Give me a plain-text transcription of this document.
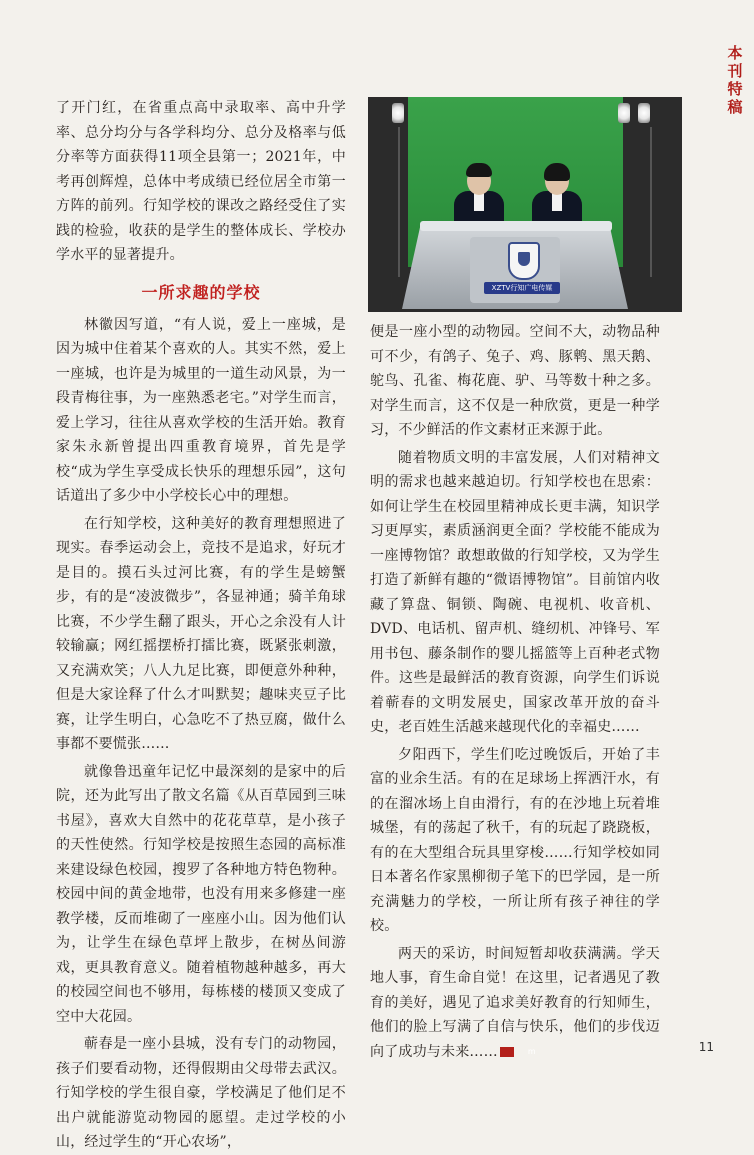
本刊特稿

了开门红，在省重点高中录取率、高中升学率、总分均分与各学科均分、总分及格率与低分率等方面获得11项全县第一；2021年，中考再创辉煌，总体中考成绩已经位居全市第一方阵的前列。行知学校的课改之路经受住了实践的检验，收获的是学生的整体成长、学校办学水平的显著提升。

一所求趣的学校

林徽因写道，“有人说，爱上一座城，是因为城中住着某个喜欢的人。其实不然，爱上一座城，也许是为城里的一道生动风景，为一段青梅往事，为一座熟悉老宅。”对学生而言，爱上学习，往往从喜欢学校的生活开始。教育家朱永新曾提出四重教育境界，首先是学校“成为学生享受成长快乐的理想乐园”，这句话道出了多少中小学校长心中的理想。

在行知学校，这种美好的教育理想照进了现实。春季运动会上，竞技不是追求，好玩才是目的。摸石头过河比赛，有的学生是螃蟹步，有的是“凌波微步”，各显神通；骑羊角球比赛，不少学生翻了跟头，开心之余没有人计较输赢；网红摇摆桥打擂比赛，既紧张刺激，又充满欢笑；八人九足比赛，即便意外种种，但是大家诠释了什么才叫默契；趣味夹豆子比赛，让学生明白，心急吃不了热豆腐，做什么事都不要慌张……

就像鲁迅童年记忆中最深刻的是家中的后院，还为此写出了散文名篇《从百草园到三味书屋》，喜欢大自然中的花花草草，是小孩子的天性使然。行知学校是按照生态园的高标准来建设绿色校园，搜罗了各种地方特色物种。校园中间的黄金地带，也没有用来多修建一座教学楼，反而堆砌了一座座小山。因为他们认为，让学生在绿色草坪上散步，在树丛间游戏，更具教育意义。随着植物越种越多，再大的校园空间也不够用，每栋楼的楼顶又变成了空中大花园。

蕲春是一座小县城，没有专门的动物园，孩子们要看动物，还得假期由父母带去武汉。行知学校的学生很自豪，学校满足了他们足不出户就能游览动物园的愿望。走过学校的小山，经过学生的“开心农场”，

XZTV行知广电传媒

便是一座小型的动物园。空间不大，动物品种可不少，有鸽子、兔子、鸡、豚鹎、黑天鹅、鸵鸟、孔雀、梅花鹿、驴、马等数十种之多。对学生而言，这不仅是一种欣赏，更是一种学习，不少鲜活的作文素材正来源于此。

随着物质文明的丰富发展，人们对精神文明的需求也越来越迫切。行知学校也在思索：如何让学生在校园里精神成长更丰满，知识学习更厚实，素质涵润更全面？学校能不能成为一座博物馆？敢想敢做的行知学校，又为学生打造了新鲜有趣的“微语博物馆”。目前馆内收藏了算盘、铜锁、陶碗、电视机、收音机、DVD、电话机、留声机、缝纫机、冲锋号、军用书包、藤条制作的婴儿摇篮等上百种老式物件。这些是最鲜活的教育资源，向学生们诉说着蕲春的文明发展史，国家改革开放的奋斗史，老百姓生活越来越现代化的幸福史……

夕阳西下，学生们吃过晚饭后，开始了丰富的业余生活。有的在足球场上挥洒汗水，有的在溜冰场上自由滑行，有的在沙地上玩着堆城堡，有的荡起了秋千，有的玩起了跷跷板，有的在大型组合玩具里穿梭……行知学校如同日本著名作家黑柳彻子笔下的巴学园，是一所充满魅力的学校，一所让所有孩子神往的学校。

两天的采访，时间短暂却收获满满。学天地人事，育生命自觉！在这里，记者遇见了教育的美好，遇见了追求美好教育的行知师生，他们的脸上写满了自信与快乐，他们的步伐迈向了成功与未来……	m	11
